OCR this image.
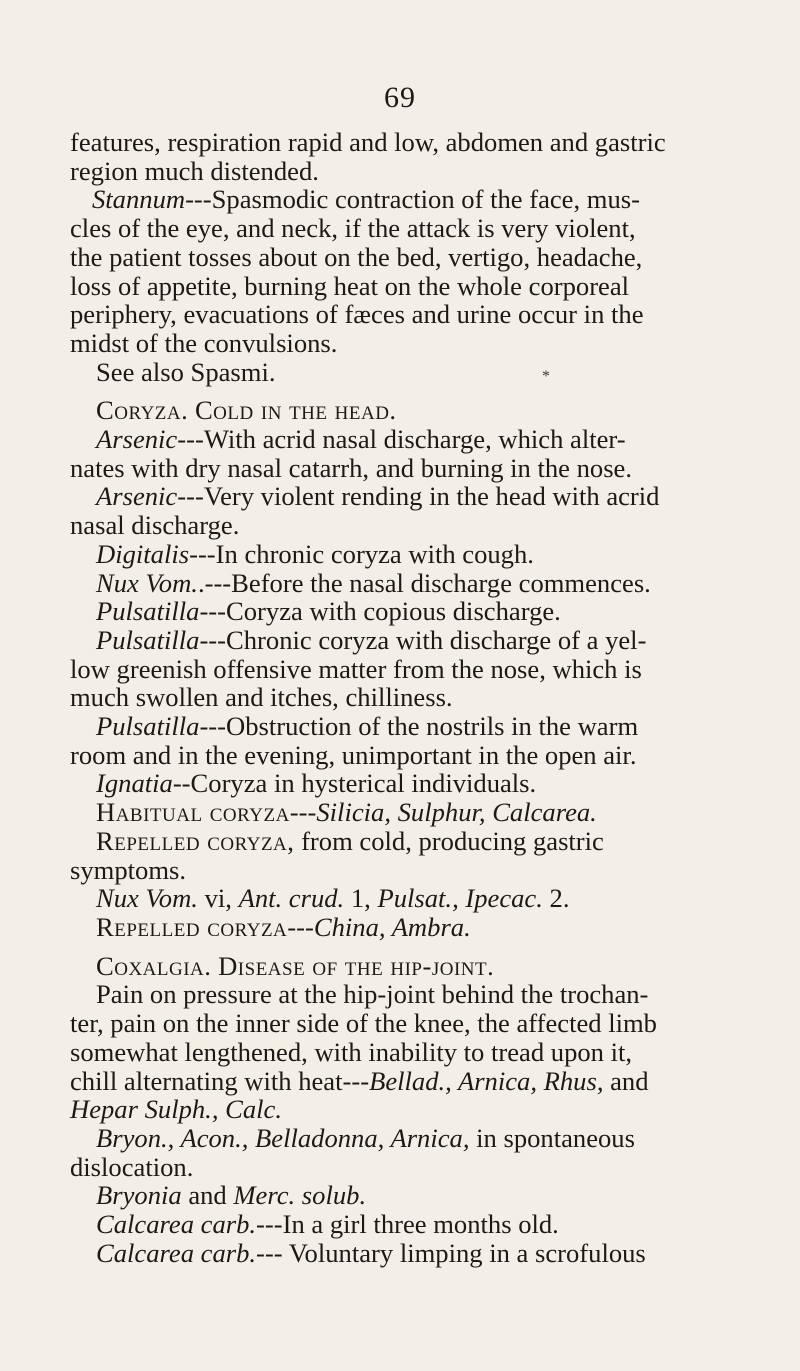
69
*
features, respiration rapid and low, abdomen and gastric
region much distended.
Stannum---Spasmodic contraction of the face, mus-
cles of the eye, and neck, if the attack is very violent,
the patient tosses about on the bed, vertigo, headache,
loss of appetite, burning heat on the whole corporeal
periphery, evacuations of fæces and urine occur in the
midst of the convulsions.
See also Spasmi.
Coryza. Cold in the head.
Arsenic---With acrid nasal discharge, which alter-
nates with dry nasal catarrh, and burning in the nose.
Arsenic---Very violent rending in the head with acrid
nasal discharge.
Digitalis---In chronic coryza with cough.
Nux Vom..---Before the nasal discharge commences.
Pulsatilla---Coryza with copious discharge.
Pulsatilla---Chronic coryza with discharge of a yel-
low greenish offensive matter from the nose, which is
much swollen and itches, chilliness.
Pulsatilla---Obstruction of the nostrils in the warm
room and in the evening, unimportant in the open air.
Ignatia--Coryza in hysterical individuals.
Habitual coryza---Silicia, Sulphur, Calcarea.
Repelled coryza, from cold, producing gastric
symptoms.
Nux Vom. vi, Ant. crud. 1, Pulsat., Ipecac. 2.
Repelled coryza---China, Ambra.
Coxalgia. Disease of the hip-joint.
Pain on pressure at the hip-joint behind the trochan-
ter, pain on the inner side of the knee, the affected limb
somewhat lengthened, with inability to tread upon it,
chill alternating with heat---Bellad., Arnica, Rhus, and
Hepar Sulph., Calc.
Bryon., Acon., Belladonna, Arnica, in spontaneous
dislocation.
Bryonia and Merc. solub.
Calcarea carb.---In a girl three months old.
Calcarea carb.--- Voluntary limping in a scrofulous
